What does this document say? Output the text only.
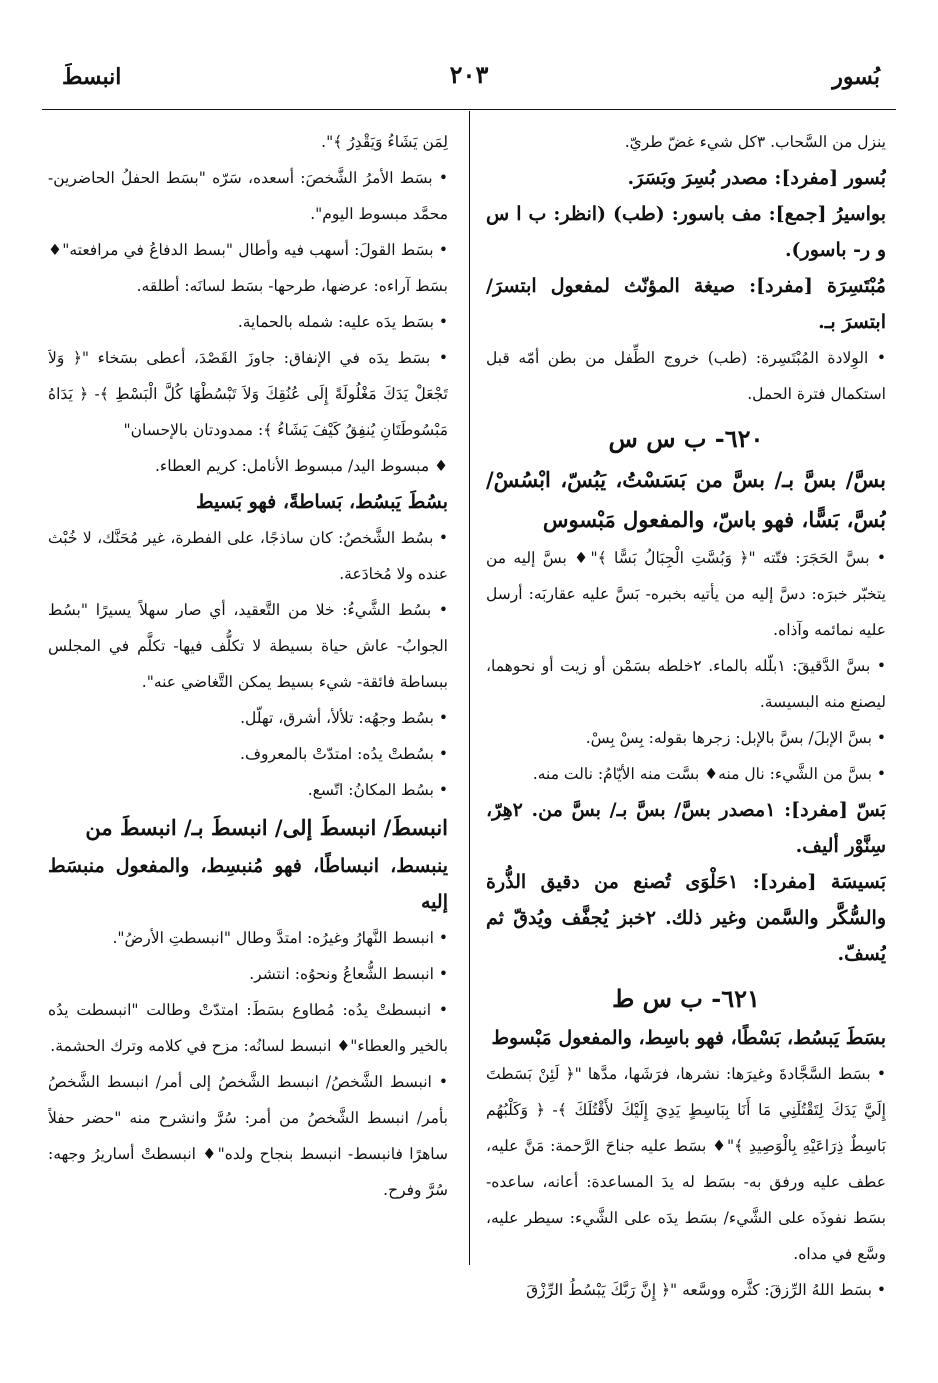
بُسور
٢٠٣
انبسطَ
ينزل من السَّحاب. ٣كل شيء غضّ طريّ.
بُسور [مفرد]: مصدر بُسِرَ وبَسَرَ.
بواسيرُ [جمع]: مف باسور: (طب) (انظر: ب ا س و ر- باسور).
مُبْتَسِرَة [مفرد]: صيغة المؤنّث لمفعول ابتسرَ/ ابتسرَ بـ.
• الوِلادة المُبْتَسِرة: (طب) خروج الطِّفل من بطن أمّه قبل استكمال فترة الحمل.
٦٢٠- ب س س
بسَّ/ بسَّ بـ/ بسَّ من بَسَسْتُ، يَبُسّ، ابْسُسْ/ بُسَّ، بَسًّا، فهو باسّ، والمفعول مَبْسوس
• بسَّ الحَجَرَ: فتّته "﴿ وَبُسَّتِ الْجِبَالُ بَسًّا ﴾"♦ بسَّ إليه من يتخبّر خبرَه: دسَّ إليه من يأتيه بخبره- بَسَّ عليه عقاربَه: أرسل عليه نمائمه وآذاه.
• بسَّ الدَّقيقَ: ١بلّله بالماء. ٢خلطه بسَمْن أو زيت أو نحوهما، ليصنع منه البسيسة.
• بسَّ الإبلَ/ بسَّ بالإبل: زجرها بقوله: بِسْ بِسْ.
• بسَّ من الشَّيء: نال منه♦ بسَّت منه الأيّامُ: نالت منه.
بَسّ [مفرد]: ١مصدر بسَّ/ بسَّ بـ/ بسَّ من. ٢هِرّ، سِنَّوْر أليف.
بَسيسَة [مفرد]: ١حَلْوَى تُصنع من دقيق الذُّرة والسُّكَّر والسَّمن وغير ذلك. ٢خبز يُجفَّف ويُدقّ ثم يُسفّ.
٦٢١- ب س ط
بسَطَ يَبسُط، بَسْطًا، فهو باسِط، والمفعول مَبْسوط
• بسَط السَّجَّادةَ وغيرَها: نشرها، فرَشَها، مدَّها "﴿ لَئِنْ بَسَطتَ إِلَيَّ يَدَكَ لِتَقْتُلَنِي مَا أَنَا بِبَاسِطٍ يَدِيَ إِلَيْكَ لأَقْتُلَكَ ﴾- ﴿ وَكَلْبُهُم بَاسِطٌ ذِرَاعَيْهِ بِالْوَصِيدِ ﴾"♦ بسَط عليه جناحَ الرَّحمة: مَنَّ عليه، عطف عليه ورفق به- بسَط له يدَ المساعدة: أعانه، ساعده- بسَط نفوذَه على الشَّيء/ بسَط يدَه على الشَّيء: سيطر عليه، وسَّع في مداه.
• بسَط اللهُ الرِّزقَ: كثَّره ووسَّعه "﴿ إِنَّ رَبَّكَ يَبْسُطُ الرِّزْقَ
لِمَن يَشَاءُ وَيَقْدِرُ ﴾".
• بسَط الأمرُ الشَّخصَ: أسعده، سَرّه "بسَط الحفلُ الحاضرين- محمَّد مبسوط اليوم".
• بسَط القولَ: أسهب فيه وأطال "بسط الدفاعُ في مرافعته"♦ بسَط آراءه: عرضها، طرحها- بسَط لسانَه: أطلقه.
• بسَط يدَه عليه: شمله بالحماية.
• بسَط يدَه في الإنفاق: جاوزَ القَصْدَ، أعطى بسَخاء "﴿ وَلاَ تَجْعَلْ يَدَكَ مَغْلُولَةً إِلَى عُنُقِكَ وَلاَ تَبْسُطْهَا كُلَّ الْبَسْطِ ﴾- ﴿ يَدَاهُ مَبْسُوطَتَانِ يُنفِقُ كَيْفَ يَشَاءُ ﴾: ممدودتان بالإحسان"
♦ مبسوط اليد/ مبسوط الأنامل: كريم العطاء.
بسُطَ يَبسُط، بَساطةً، فهو بَسيط
• بسُط الشَّخصُ: كان ساذجًا، على الفطرة، غير مُحَنَّك، لا خُبْث عنده ولا مُخادَعة.
• بسُط الشَّيءُ: خلا من التَّعقيد، أي صار سهلاً يسيرًا "بسُط الجوابُ- عاش حياة بسيطة لا تكلُّف فيها- تكلَّم في المجلس ببساطة فائقة- شيء بسيط يمكن التَّغاضي عنه".
• بسُط وجهُه: تلألأ، أشرق، تهلّل.
• بسُطتْ يدُه: امتدّتْ بالمعروف.
• بسُط المكانُ: اتّسع.
انبسطَ/ انبسطَ إلى/ انبسطَ بـ/ انبسطَ من
ينبسط، انبساطًا، فهو مُنبسِط، والمفعول منبسَط إليه
• انبسط النَّهارُ وغيرُه: امتدَّ وطال "انبسطتِ الأرضُ".
• انبسط الشُّعاعُ ونحوُه: انتشر.
• انبسطتْ يدُه: مُطاوع بسَطَ: امتدّتْ وطالت "انبسطت يدُه بالخير والعطاء"♦ انبسط لسانُه: مزح في كلامه وترك الحشمة.
• انبسط الشَّخصُ/ انبسط الشَّخصُ إلى أمر/ انبسط الشَّخصُ بأمر/ انبسط الشَّخصُ من أمر: سُرَّ وانشرح منه "حضر حفلاً ساهرًا فانبسط- انبسط بنجاح ولده"♦ انبسطتْ أساريرُ وجهه: سُرَّ وفرح.
